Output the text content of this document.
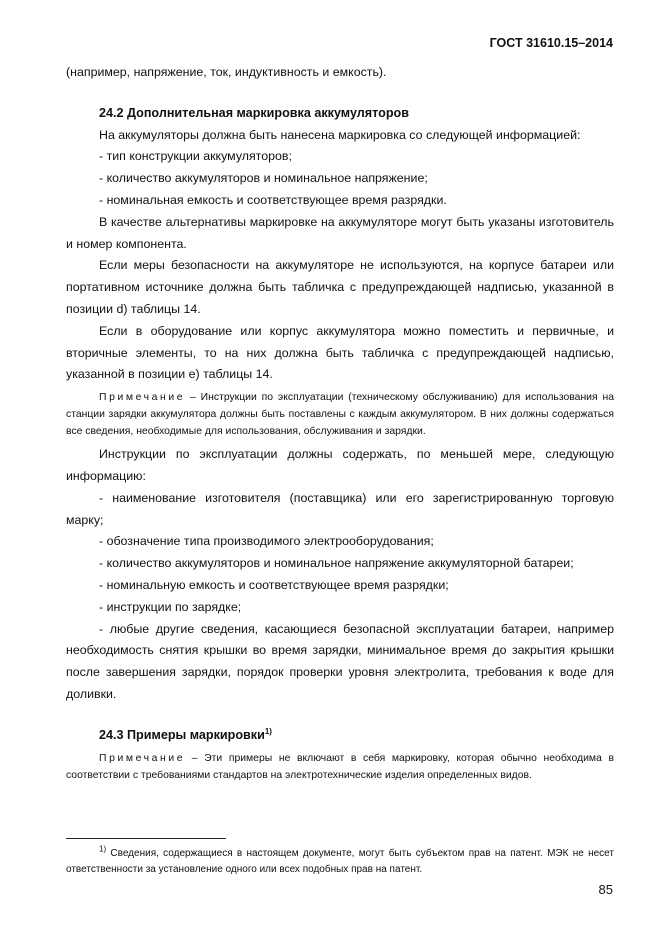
ГОСТ 31610.15–2014

(например, напряжение, ток, индуктивность и емкость).

24.2 Дополнительная маркировка аккумуляторов

На аккумуляторы должна быть нанесена маркировка со следующей информацией:

- тип конструкции аккумуляторов;

- количество аккумуляторов и номинальное напряжение;

- номинальная емкость и соответствующее время разрядки.

В качестве альтернативы маркировке на аккумуляторе могут быть указаны изготовитель и номер компонента.

Если меры безопасности на аккумуляторе не используются, на корпусе батареи или портативном источнике должна быть табличка с предупреждающей надписью, указанной в позиции d) таблицы 14.

Если в оборудование или корпус аккумулятора можно поместить и первичные, и вторичные элементы, то на них должна быть табличка с предупреждающей надписью, указанной в позиции е) таблицы 14.

Примечание – Инструкции по эксплуатации (техническому обслуживанию) для использования на станции зарядки аккумулятора должны быть поставлены с каждым аккумулятором. В них должны содержаться все сведения, необходимые для использования, обслуживания и зарядки.

Инструкции по эксплуатации должны содержать, по меньшей мере, следующую информацию:

- наименование изготовителя (поставщика) или его зарегистрированную торговую марку;

- обозначение типа производимого электрооборудования;

- количество аккумуляторов и номинальное напряжение аккумуляторной батареи;

- номинальную емкость и соответствующее время разрядки;

- инструкции по зарядке;

- любые другие сведения, касающиеся безопасной эксплуатации батареи, например необходимость снятия крышки во время зарядки, минимальное время до закрытия крышки после завершения зарядки, порядок проверки уровня электролита, требования к воде для доливки.

24.3 Примеры маркировки$^{1)}$

Примечание – Эти примеры не включают в себя маркировку, которая обычно необходима в соответствии с требованиями стандартов на электротехнические изделия определенных видов.

$^{1)}$ Сведения, содержащиеся в настоящем документе, могут быть субъектом прав на патент. МЭК не несет ответственности за установление одного или всех подобных прав на патент.
85
